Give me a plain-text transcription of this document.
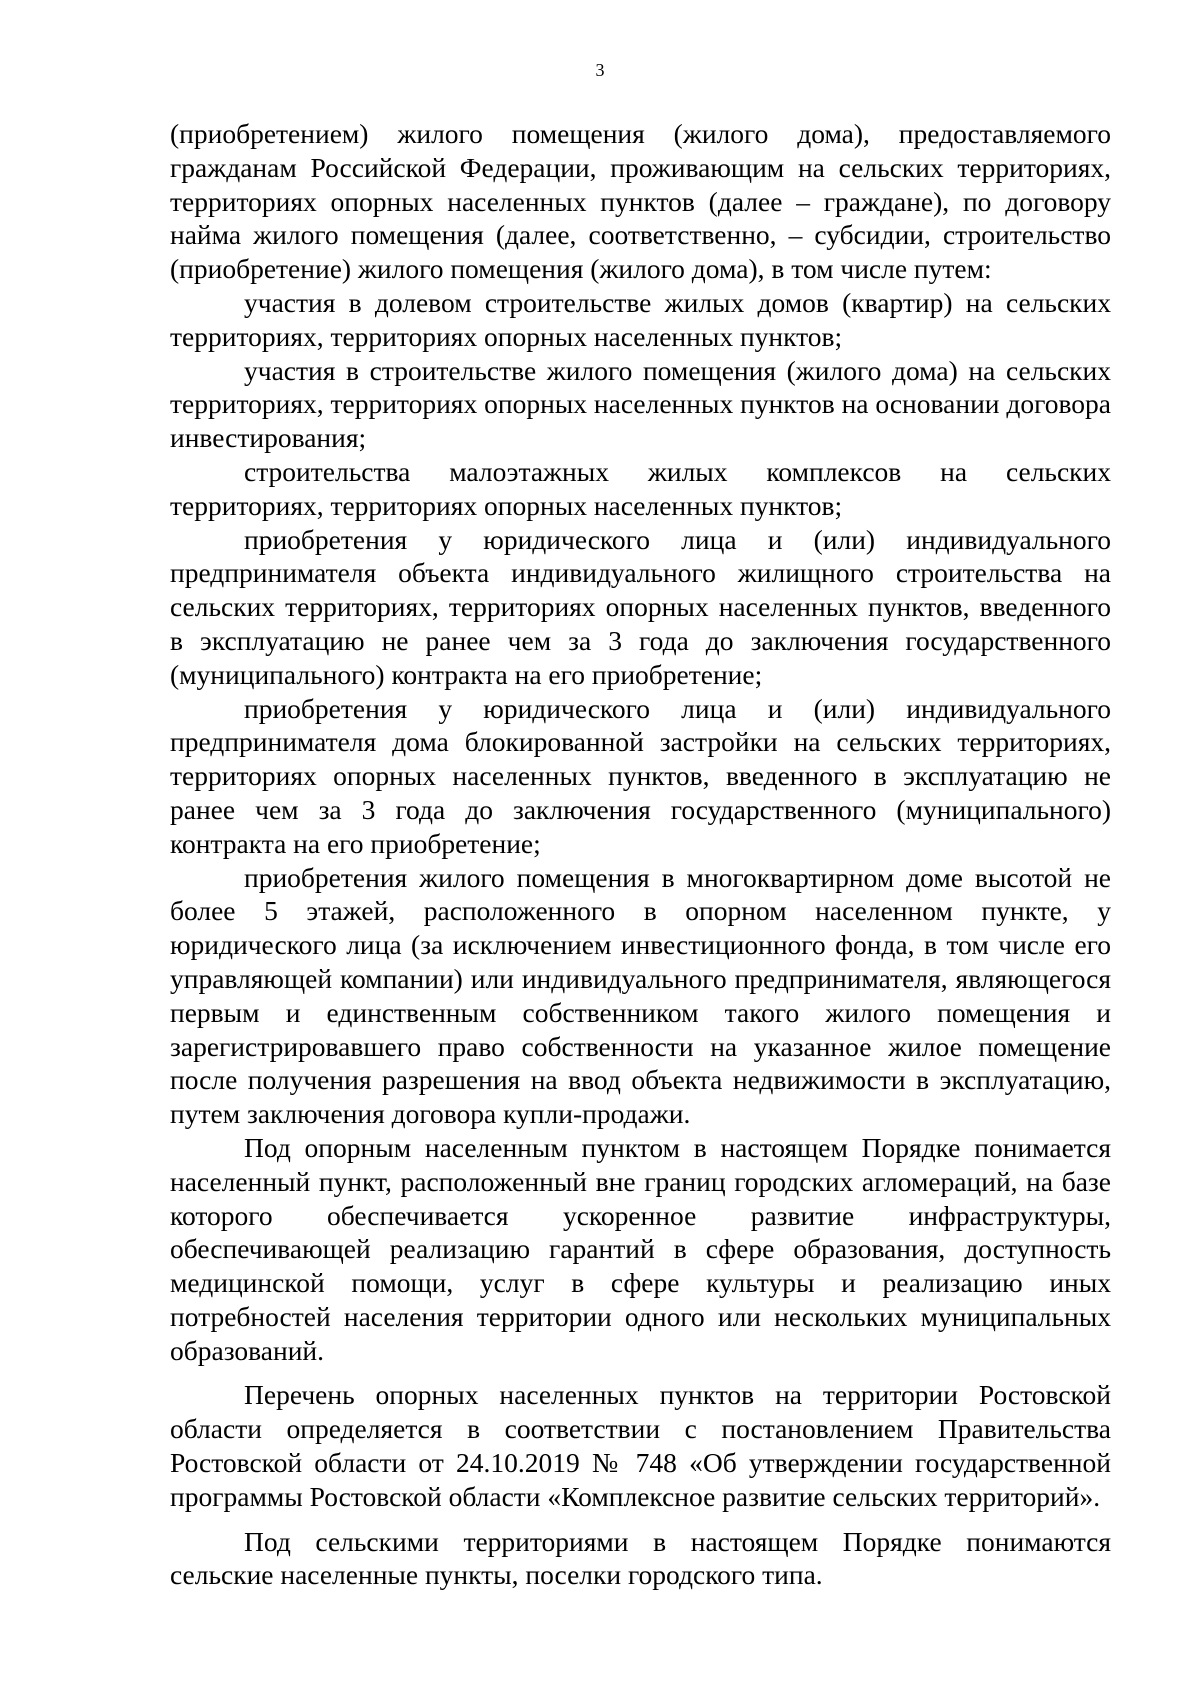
3

(приобретением) жилого помещения (жилого дома), предоставляемого гражданам Российской Федерации, проживающим на сельских территориях, территориях опорных населенных пунктов (далее – граждане), по договору найма жилого помещения (далее, соответственно, – субсидии, строительство (приобретение) жилого помещения (жилого дома), в том числе путем:

участия в долевом строительстве жилых домов (квартир) на сельских территориях, территориях опорных населенных пунктов;

участия в строительстве жилого помещения (жилого дома) на сельских территориях, территориях опорных населенных пунктов на основании договора инвестирования;

строительства малоэтажных жилых комплексов на сельских территориях, территориях опорных населенных пунктов;

приобретения у юридического лица и (или) индивидуального предпринимателя объекта индивидуального жилищного строительства на сельских территориях, территориях опорных населенных пунктов, введенного в эксплуатацию не ранее чем за 3 года до заключения государственного (муниципального) контракта на его приобретение;

приобретения у юридического лица и (или) индивидуального предпринимателя дома блокированной застройки на сельских территориях, территориях опорных населенных пунктов, введенного в эксплуатацию не ранее чем за 3 года до заключения государственного (муниципального) контракта на его приобретение;

приобретения жилого помещения в многоквартирном доме высотой не более 5 этажей, расположенного в опорном населенном пункте, у юридического лица (за исключением инвестиционного фонда, в том числе его управляющей компании) или индивидуального предпринимателя, являющегося первым и единственным собственником такого жилого помещения и зарегистрировавшего право собственности на указанное жилое помещение после получения разрешения на ввод объекта недвижимости в эксплуатацию, путем заключения договора купли-продажи.

Под опорным населенным пунктом в настоящем Порядке понимается населенный пункт, расположенный вне границ городских агломераций, на базе которого обеспечивается ускоренное развитие инфраструктуры, обеспечивающей реализацию гарантий в сфере образования, доступность медицинской помощи, услуг в сфере культуры и реализацию иных потребностей населения территории одного или нескольких муниципальных образований.

Перечень опорных населенных пунктов на территории Ростовской области определяется в соответствии с постановлением Правительства Ростовской области от 24.10.2019 № 748 «Об утверждении государственной программы Ростовской области «Комплексное развитие сельских территорий».

Под сельскими территориями в настоящем Порядке понимаются сельские населенные пункты, поселки городского типа.
